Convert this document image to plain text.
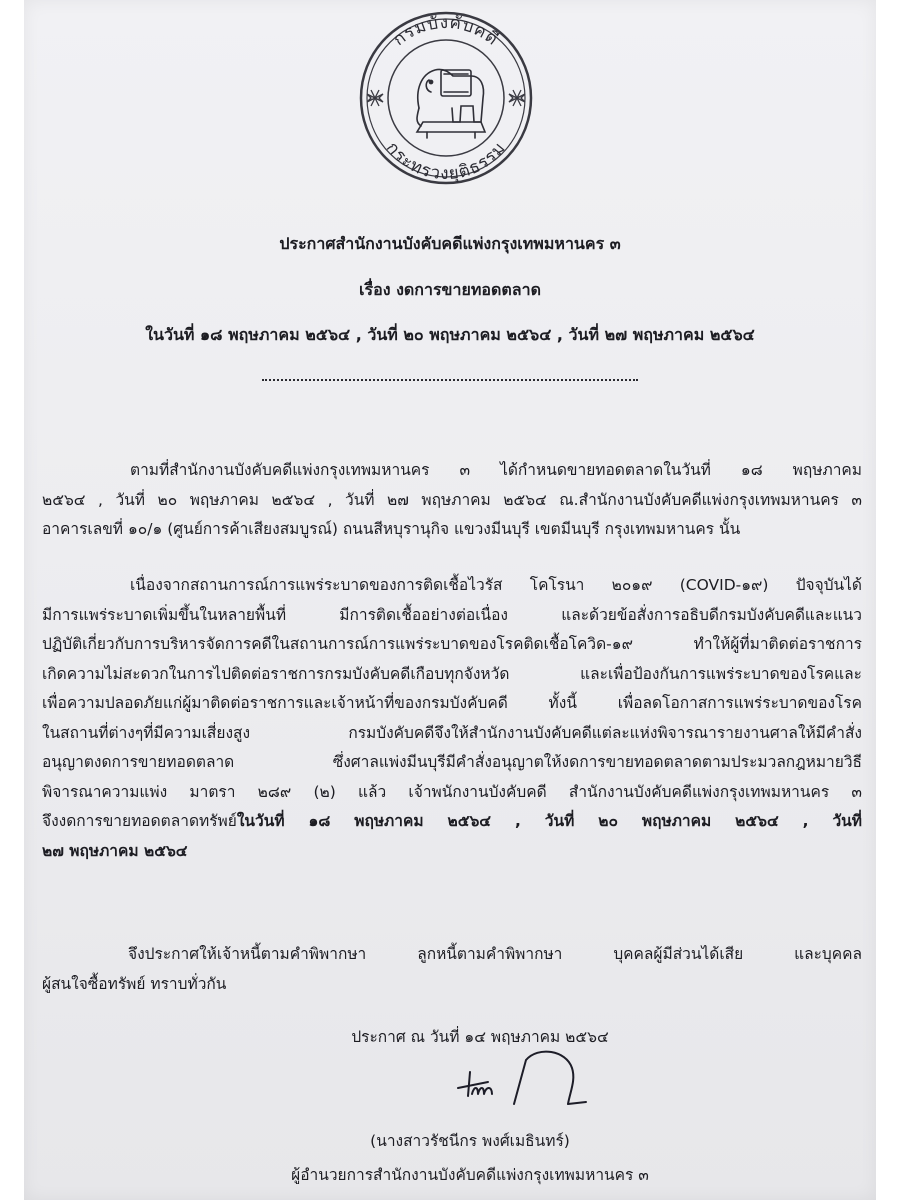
กรมบังคับคดี
กระทรวงยุติธรรม
ประกาศสำนักงานบังคับคดีแพ่งกรุงเทพมหานคร ๓
เรื่อง งดการขายทอดตลาด
ในวันที่ ๑๘ พฤษภาคม ๒๕๖๔ , วันที่ ๒๐ พฤษภาคม ๒๕๖๔ , วันที่ ๒๗ พฤษภาคม ๒๕๖๔
ตามที่สำนักงานบังคับคดีแพ่งกรุงเทพมหานคร ๓ ได้กำหนดขายทอดตลาดในวันที่ ๑๘ พฤษภาคม
๒๕๖๔ , วันที่ ๒๐ พฤษภาคม ๒๕๖๔ , วันที่ ๒๗ พฤษภาคม ๒๕๖๔ ณ.สำนักงานบังคับคดีแพ่งกรุงเทพมหานคร ๓
อาคารเลขที่ ๑๐/๑ (ศูนย์การค้าเสียงสมบูรณ์) ถนนสีหบุรานุกิจ แขวงมีนบุรี เขตมีนบุรี กรุงเทพมหานคร นั้น
เนื่องจากสถานการณ์การแพร่ระบาดของการติดเชื้อไวรัส โคโรนา ๒๐๑๙ (COVID-๑๙) ปัจจุบันได้
มีการแพร่ระบาดเพิ่มขึ้นในหลายพื้นที่ มีการติดเชื้ออย่างต่อเนื่อง และด้วยข้อสั่งการอธิบดีกรมบังคับคดีและแนว
ปฏิบัติเกี่ยวกับการบริหารจัดการคดีในสถานการณ์การแพร่ระบาดของโรคติดเชื้อโควิด-๑๙ ทำให้ผู้ที่มาติดต่อราชการ
เกิดความไม่สะดวกในการไปติดต่อราชการกรมบังคับคดีเกือบทุกจังหวัด และเพื่อป้องกันการแพร่ระบาดของโรคและ
เพื่อความปลอดภัยแก่ผู้มาติดต่อราชการและเจ้าหน้าที่ของกรมบังคับคดี ทั้งนี้ เพื่อลดโอกาสการแพร่ระบาดของโรค
ในสถานที่ต่างๆที่มีความเสี่ยงสูง กรมบังคับคดีจึงให้สำนักงานบังคับคดีแต่ละแห่งพิจารณารายงานศาลให้มีคำสั่ง
อนุญาตงดการขายทอดตลาด ซึ่งศาลแพ่งมีนบุรีมีคำสั่งอนุญาตให้งดการขายทอดตลาดตามประมวลกฎหมายวิธี
พิจารณาความแพ่ง มาตรา ๒๘๙ (๒) แล้ว เจ้าพนักงานบังคับคดี สำนักงานบังคับคดีแพ่งกรุงเทพมหานคร ๓
จึงงดการขายทอดตลาดทรัพย์ในวันที่ ๑๘ พฤษภาคม ๒๕๖๔ , วันที่ ๒๐ พฤษภาคม ๒๕๖๔ , วันที่
๒๗ พฤษภาคม ๒๕๖๔
จึงประกาศให้เจ้าหนี้ตามคำพิพากษา ลูกหนี้ตามคำพิพากษา บุคคลผู้มีส่วนได้เสีย และบุคคล
ผู้สนใจซื้อทรัพย์ ทราบทั่วกัน
ประกาศ ณ วันที่ ๑๔ พฤษภาคม ๒๕๖๔
(นางสาวรัชนีกร พงศ์เมธินทร์)
ผู้อำนวยการสำนักงานบังคับคดีแพ่งกรุงเทพมหานคร ๓
